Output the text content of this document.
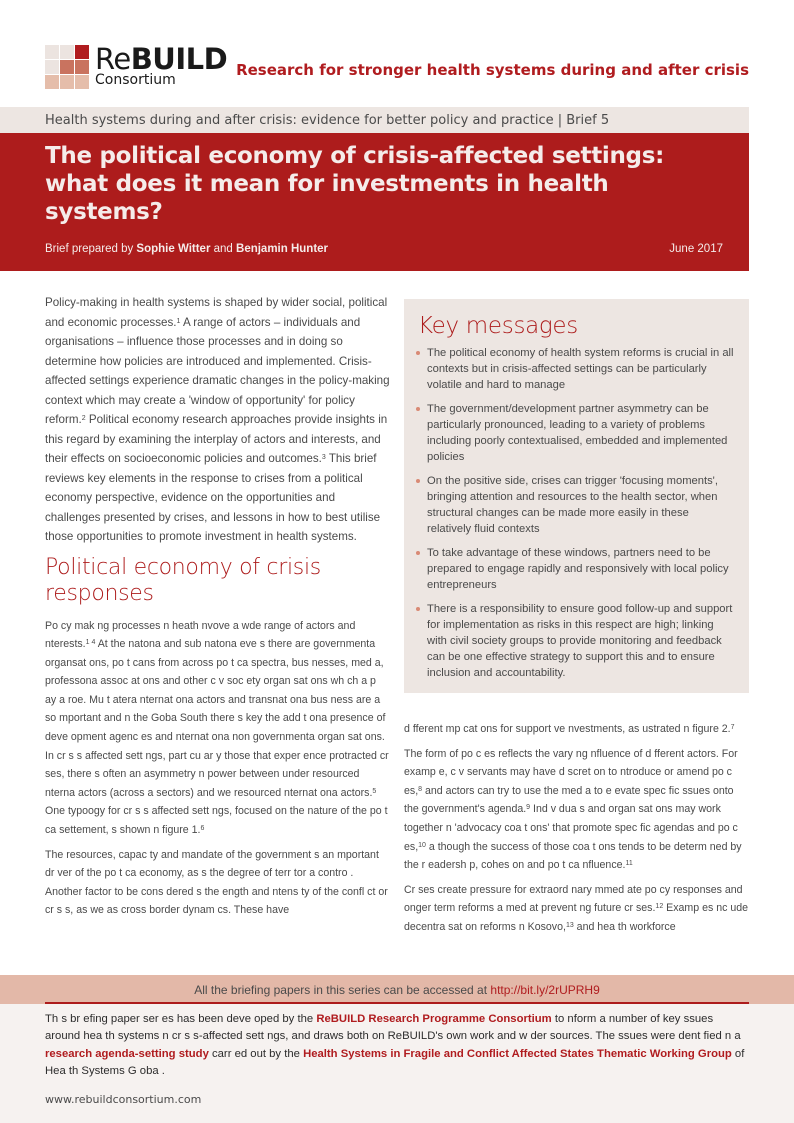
ReBUILD
Consortium
Research for stronger health systems during and after crisis
Health systems during and after crisis: evidence for better policy and practice | Brief 5
The political economy of crisis-affected settings: what does it mean for investments in health systems?
Brief prepared by Sophie Witter and Benjamin Hunter	June 2017

Policy-making in health systems is shaped by wider social, political and economic processes.$^1$ A range of actors – individuals and organisations – influence those processes and in doing so determine how policies are introduced and implemented. Crisis-affected settings experience dramatic changes in the policy-making context which may create a 'window of opportunity' for policy reform.$^2$ Political economy research approaches provide insights in this regard by examining the interplay of actors and interests, and their effects on socioeconomic policies and outcomes.$^3$ This brief reviews key elements in the response to crises from a political economy perspective, evidence on the opportunities and challenges presented by crises, and lessons in how to best utilise those opportunities to promote investment in health systems.

Political economy of crisis responses

Po cy mak ng processes n heath nvove a wde range of actors and nterests.$^{1 4}$ At the natona and sub natona eve s there are governmenta organsat ons, po t cans from across po t ca spectra, bus nesses, med a, professona assoc at ons and other c v soc ety organ sat ons wh ch a p ay a roe. Mu t atera nternat ona actors and transnat ona bus ness are a so mportant and n the Goba South there s key the add t ona presence of deve opment agenc es and nternat ona non governmenta organ sat ons. In cr s s affected sett ngs, part cu ar y those that exper ence protracted cr ses, there s often an asymmetry n power between under resourced nterna actors (across a sectors) and we resourced nternat ona actors.$^5$ One typoogy for cr s s affected sett ngs, focused on the nature of the po t ca settement, s shown n figure 1.$^6$

The resources, capac ty and mandate of the government s an mportant dr ver of the po t ca economy, as s the degree of terr tor a contro . Another factor to be cons dered s the ength and ntens ty of the confl ct or cr s s, as we as cross border dynam cs. These have

Key messages
The political economy of health system reforms is crucial in all contexts but in crisis-affected settings can be particularly volatile and hard to manage
The government/development partner asymmetry can be particularly pronounced, leading to a variety of problems including poorly contextualised, embedded and implemented policies
On the positive side, crises can trigger 'focusing moments', bringing attention and resources to the health sector, when structural changes can be made more easily in these relatively fluid contexts
To take advantage of these windows, partners need to be prepared to engage rapidly and responsively with local policy entrepreneurs
There is a responsibility to ensure good follow-up and support for implementation as risks in this respect are high; linking with civil society groups to provide monitoring and feedback can be one effective strategy to support this and to ensure inclusion and accountability.

d fferent mp cat ons for support ve nvestments, as ustrated n figure 2.$^7$

The form of po c es reflects the vary ng nfluence of d fferent actors. For examp e, c v servants may have d scret on to ntroduce or amend po c es,$^8$ and actors can try to use the med a to e evate spec fic ssues onto the government's agenda.$^9$ Ind v dua s and organ sat ons may work together n 'advocacy coa t ons' that promote spec fic agendas and po c es,$^{10}$ a though the success of those coa t ons tends to be determ ned by the r eadersh p, cohes on and po t ca nfluence.$^{11}$

Cr ses create pressure for extraord nary mmed ate po cy responses and onger term reforms a med at prevent ng future cr ses.$^{12}$ Examp es nc ude decentra sat on reforms n Kosovo,$^{13}$ and hea th workforce

All the briefing papers in this series can be accessed at http://bit.ly/2rUPRH9

Th s br efing paper ser es has been deve oped by the ReBUILD Research Programme Consortium to nform a number of key ssues around hea th systems n cr s s-affected sett ngs, and draws both on ReBUILD's own work and w der sources. The ssues were dent fied n a research agenda-setting study carr ed out by the Health Systems in Fragile and Conflict Affected States Thematic Working Group of Hea th Systems G oba .

www.rebuildconsortium.com
